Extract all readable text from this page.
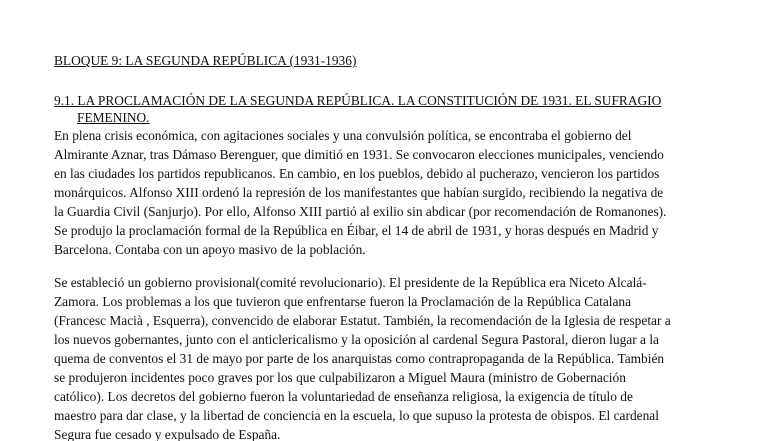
BLOQUE 9: LA SEGUNDA REPÚBLICA (1931-1936)
9.1. LA PROCLAMACIÓN DE LA SEGUNDA REPÚBLICA. LA CONSTITUCIÓN DE 1931. EL SUFRAGIO
FEMENINO.
En plena crisis económica, con agitaciones sociales y una convulsión política, se encontraba el gobierno del
Almirante Aznar, tras Dámaso Berenguer, que dimitió en 1931. Se convocaron elecciones municipales, venciendo
en las ciudades los partidos republicanos. En cambio, en los pueblos, debido al pucherazo, vencieron los partidos
monárquicos. Alfonso XIII ordenó la represión de los manifestantes que habían surgido, recibiendo la negativa de
la Guardia Civil (Sanjurjo). Por ello, Alfonso XIII partió al exilio sin abdicar (por recomendación de Romanones).
Se produjo la proclamación formal de la República en Éibar, el 14 de abril de 1931, y horas después en Madrid y
Barcelona. Contaba con un apoyo masivo de la población.
Se estableció un gobierno provisional(comité revolucionario). El presidente de la República era Niceto Alcalá-
Zamora. Los problemas a los que tuvieron que enfrentarse fueron la Proclamación de la República Catalana
(Francesc Macià , Esquerra), convencido de elaborar Estatut. También, la recomendación de la Iglesia de respetar a
los nuevos gobernantes, junto con el anticlericalismo y la oposición al cardenal Segura Pastoral, dieron lugar a la
quema de conventos el 31 de mayo por parte de los anarquistas como contrapropaganda de la República. También
se produjeron incidentes poco graves por los que culpabilizaron a Miguel Maura (ministro de Gobernación
católico). Los decretos del gobierno fueron la voluntariedad de enseñanza religiosa, la exigencia de título de
maestro para dar clase, y la libertad de conciencia en la escuela, lo que supuso la protesta de obispos. El cardenal
Segura fue cesado y expulsado de España.
